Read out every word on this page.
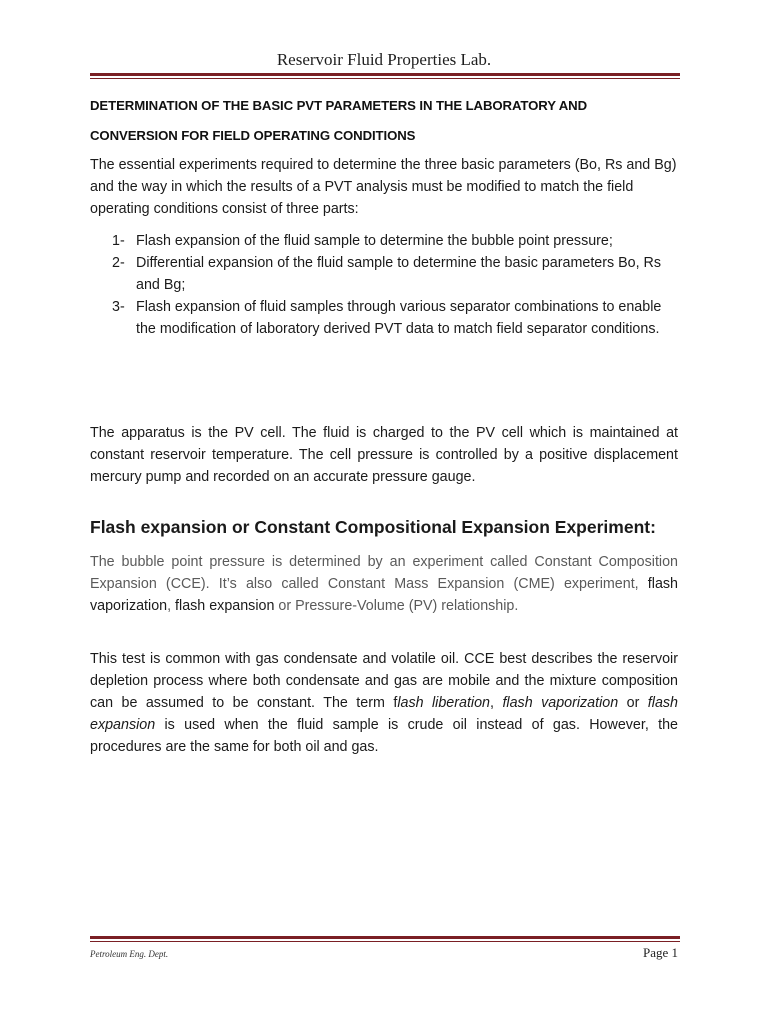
Reservoir Fluid Properties Lab.
DETERMINATION OF THE BASIC PVT PARAMETERS IN THE LABORATORY AND
CONVERSION FOR FIELD OPERATING CONDITIONS
The essential experiments required to determine the three basic parameters (Bo, Rs and Bg) and the way in which the results of a PVT analysis must be modified to match the field operating conditions consist of three parts:
1- Flash expansion of the fluid sample to determine the bubble point pressure;
2- Differential expansion of the fluid sample to determine the basic parameters Bo, Rs and Bg;
3- Flash expansion of fluid samples through various separator combinations to enable the modification of laboratory derived PVT data to match field separator conditions.
The apparatus is the PV cell. The fluid is charged to the PV cell which is maintained at constant reservoir temperature. The cell pressure is controlled by a positive displacement mercury pump and recorded on an accurate pressure gauge.
Flash expansion or Constant Compositional Expansion Experiment:
The bubble point pressure is determined by an experiment called Constant Composition Expansion (CCE). It’s also called Constant Mass Expansion (CME) experiment, flash vaporization, flash expansion or Pressure-Volume (PV) relationship.
This test is common with gas condensate and volatile oil. CCE best describes the reservoir depletion process where both condensate and gas are mobile and the mixture composition can be assumed to be constant. The term flash liberation, flash vaporization or flash expansion is used when the fluid sample is crude oil instead of gas. However, the procedures are the same for both oil and gas.
Petroleum Eng. Dept.	Page 1
